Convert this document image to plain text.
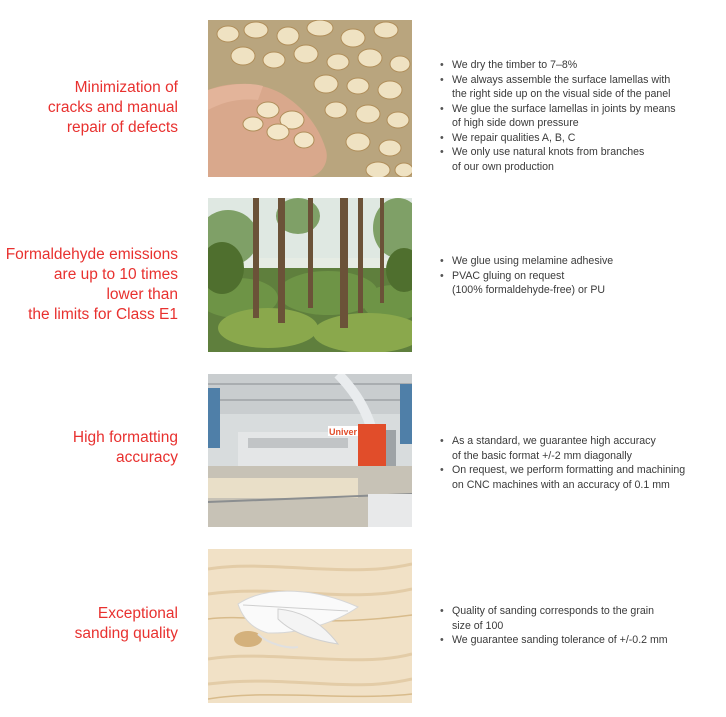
Minimization of
cracks and manual
repair of defects
• We dry the timber to 7–8%
• We always assemble the surface lamellas with
the right side up on the visual side of the panel
• We glue the surface lamellas in joints by means
of high side down pressure
• We repair qualities A, B, C
• We only use natural knots from branches
of our own production
Formaldehyde emissions
are up to 10 times
lower than
the limits for Class E1
• We glue using melamine adhesive
• PVAC gluing on request
(100% formaldehyde-free) or PU
High formatting
accuracy
Univer
• As a standard, we guarantee high accuracy
of the basic format +/-2 mm diagonally
• On request, we perform formatting and machining
on CNC machines with an accuracy of 0.1 mm
Exceptional
sanding quality
• Quality of sanding corresponds to the grain
size of 100
• We guarantee sanding tolerance of +/-0.2 mm
